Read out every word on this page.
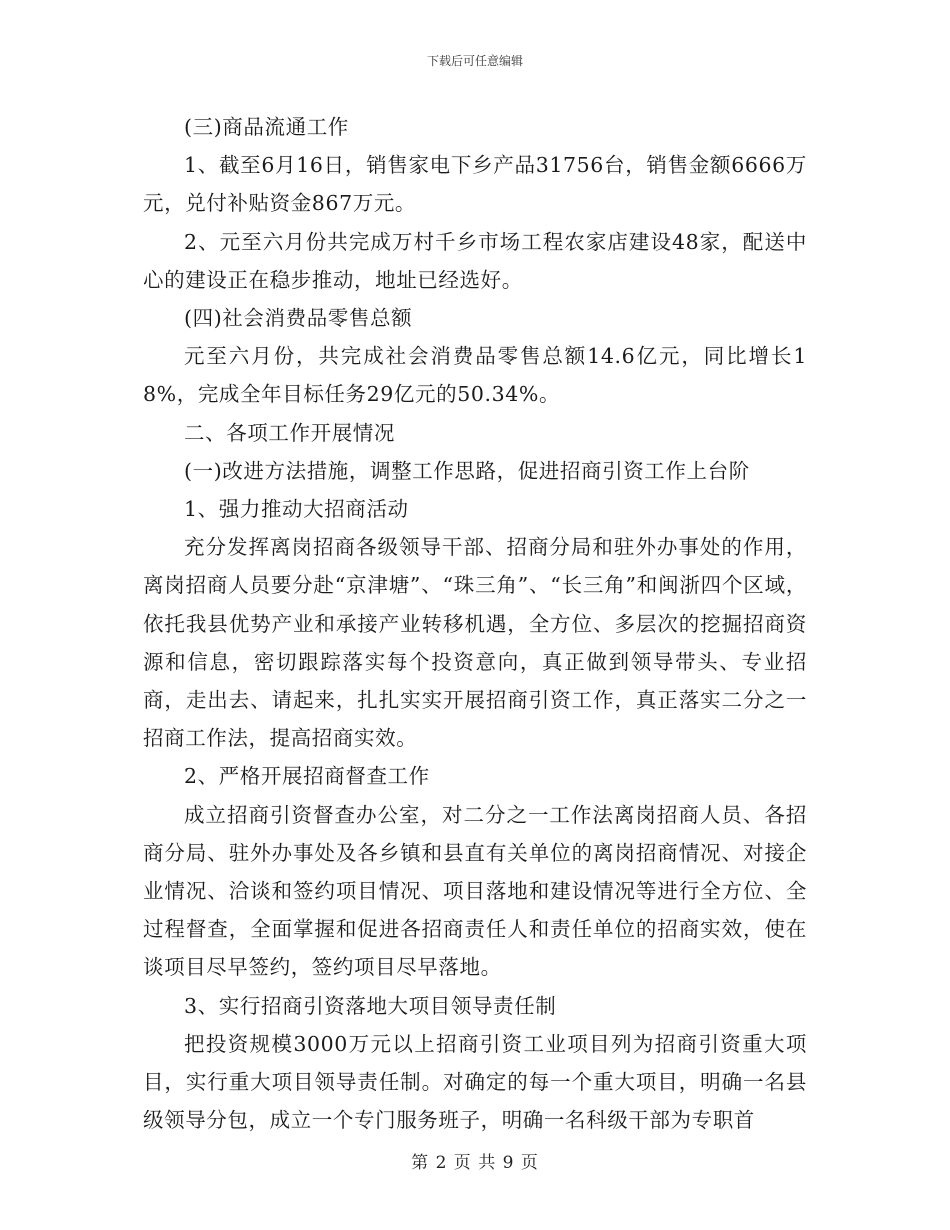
下载后可任意编辑

(三)商品流通工作

1、截至6月16日，销售家电下乡产品31756台，销售金额6666万元，兑付补贴资金867万元。

2、元至六月份共完成万村千乡市场工程农家店建设48家，配送中心的建设正在稳步推动，地址已经选好。

(四)社会消费品零售总额

元至六月份，共完成社会消费品零售总额14.6亿元，同比增长18%，完成全年目标任务29亿元的50.34%。

二、各项工作开展情况

(一)改进方法措施，调整工作思路，促进招商引资工作上台阶

1、强力推动大招商活动

充分发挥离岗招商各级领导干部、招商分局和驻外办事处的作用，离岗招商人员要分赴“京津塘”、“珠三角”、“长三角”和闽浙四个区域，依托我县优势产业和承接产业转移机遇，全方位、多层次的挖掘招商资源和信息，密切跟踪落实每个投资意向，真正做到领导带头、专业招商，走出去、请起来，扎扎实实开展招商引资工作，真正落实二分之一招商工作法，提高招商实效。

2、严格开展招商督查工作

成立招商引资督查办公室，对二分之一工作法离岗招商人员、各招商分局、驻外办事处及各乡镇和县直有关单位的离岗招商情况、对接企业情况、洽谈和签约项目情况、项目落地和建设情况等进行全方位、全过程督查，全面掌握和促进各招商责任人和责任单位的招商实效，使在谈项目尽早签约，签约项目尽早落地。

3、实行招商引资落地大项目领导责任制

把投资规模3000万元以上招商引资工业项目列为招商引资重大项目，实行重大项目领导责任制。对确定的每一个重大项目，明确一名县级领导分包，成立一个专门服务班子，明确一名科级干部为专职首

第 2 页 共 9 页
